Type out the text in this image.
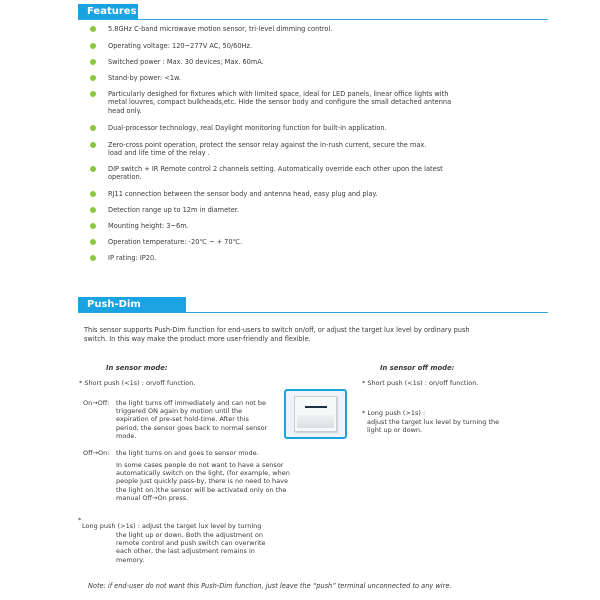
Features
5.8GHz C-band microwave motion sensor, tri-level dimming control.
Operating voltage: 120~277V AC, 50/60Hz.
Switched power : Max. 30 devices; Max. 60mA.
Stand-by power: <1w.
Particularly desighed for fixtures which with limited space, ideal for LED panels, linear office lights with metal louvres, compact bulkheads,etc. Hide the sensor body and configure the small detached antenna head only.
Dual-processor technology, real Daylight monitoring function for built-in application.
Zero-cross point operation, protect the sensor relay against the in-rush current, secure the max. load and life time of the relay .
DIP switch + IR Remote control 2 channels setting. Automatically override each other upon the latest operation.
RJ11 connection between the sensor body and antenna head, easy plug and play.
Detection range up to 12m in diameter.
Mounting height: 3~6m.
Operation temperature: -20℃ ~ + 70℃.
IP rating: IP20.
Push-Dim function
This sensor supports Push-Dim function for end-users to switch on/off, or adjust the target lux level by ordinary push switch. In this way make the product more user-friendly and flexible.
In sensor mode:
* Short push (<1s) : on/off function.
On→Off: the light turns off immediately and can not be triggered ON again by motion until the expiration of pre-set hold-time. After this period, the sensor goes back to normal sensor mode.
Off→On: the light turns on and goes to sensor mode.
In some cases people do not want to have a sensor automatically switch on the light, (for example, when people just quickly pass-by, there is no need to have the light on.)the sensor will be activated only on the manual Off→On press.
*
Long push (>1s) : adjust the target lux level by turning
the light up or down. Both the adjustment on remote control and push switch can overwrite each other, the last adjustment remains in memory.
In sensor off mode:
* Short push (<1s) : on/off function.
* Long push (>1s) :
adjust the target lux level by turning the light up or down.
Note: if end-user do not want this Push-Dim function, just leave the “push” terminal unconnected to any wire.
